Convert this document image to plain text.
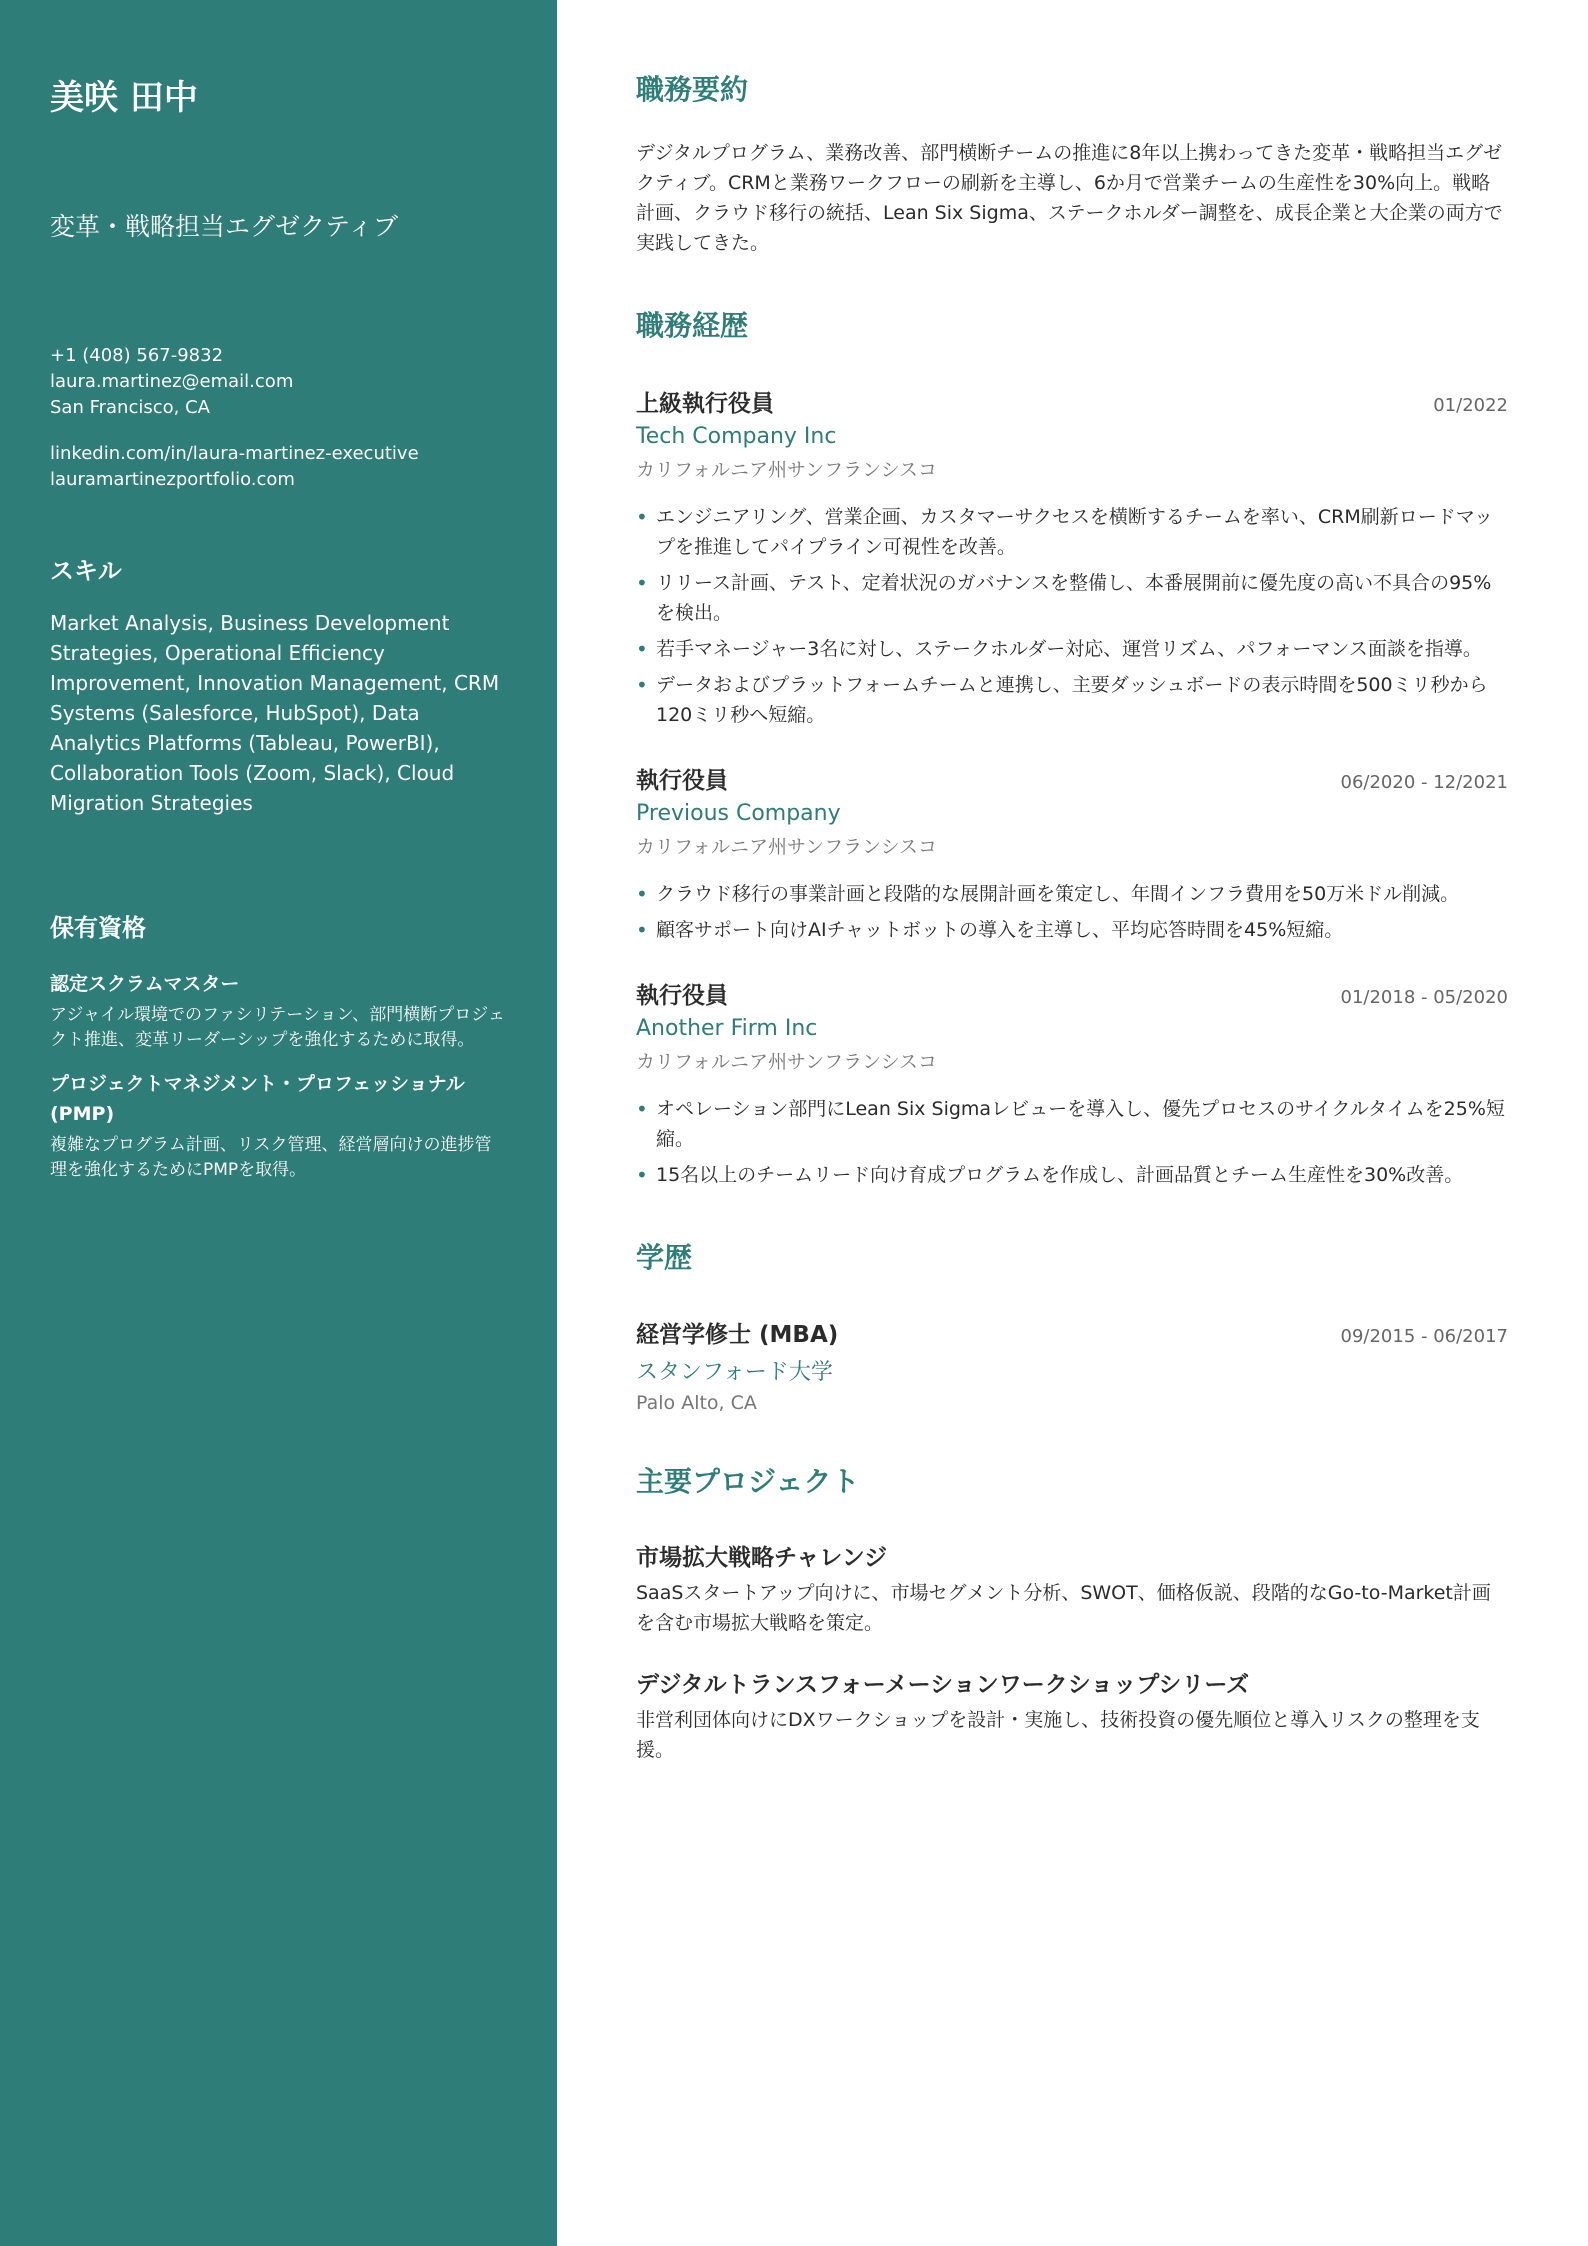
美咲 田中
変革・戦略担当エグゼクティブ
+1 (408) 567-9832
laura.martinez@email.com
San Francisco, CA
linkedin.com/in/laura-martinez-executive
lauramartinezportfolio.com
スキル
Market Analysis, Business Development Strategies, Operational Efficiency Improvement, Innovation Management, CRM Systems (Salesforce, HubSpot), Data Analytics Platforms (Tableau, PowerBI), Collaboration Tools (Zoom, Slack), Cloud Migration Strategies
保有資格
認定スクラムマスター
アジャイル環境でのファシリテーション、部門横断プロジェクト推進、変革リーダーシップを強化するために取得。
プロジェクトマネジメント・プロフェッショナル (PMP)
複雑なプログラム計画、リスク管理、経営層向けの進捗管理を強化するためにPMPを取得。
職務要約
デジタルプログラム、業務改善、部門横断チームの推進に8年以上携わってきた変革・戦略担当エグゼクティブ。CRMと業務ワークフローの刷新を主導し、6か月で営業チームの生産性を30%向上。戦略計画、クラウド移行の統括、Lean Six Sigma、ステークホルダー調整を、成長企業と大企業の両方で実践してきた。
職務経歴
上級執行役員	01/2022
Tech Company Inc
カリフォルニア州サンフランシスコ
• エンジニアリング、営業企画、カスタマーサクセスを横断するチームを率い、CRM刷新ロードマップを推進してパイプライン可視性を改善。
• リリース計画、テスト、定着状況のガバナンスを整備し、本番展開前に優先度の高い不具合の95%を検出。
• 若手マネージャー3名に対し、ステークホルダー対応、運営リズム、パフォーマンス面談を指導。
• データおよびプラットフォームチームと連携し、主要ダッシュボードの表示時間を500ミリ秒から120ミリ秒へ短縮。
執行役員	06/2020 - 12/2021
Previous Company
カリフォルニア州サンフランシスコ
• クラウド移行の事業計画と段階的な展開計画を策定し、年間インフラ費用を50万米ドル削減。
• 顧客サポート向けAIチャットボットの導入を主導し、平均応答時間を45%短縮。
執行役員	01/2018 - 05/2020
Another Firm Inc
カリフォルニア州サンフランシスコ
• オペレーション部門にLean Six Sigmaレビューを導入し、優先プロセスのサイクルタイムを25%短縮。
• 15名以上のチームリード向け育成プログラムを作成し、計画品質とチーム生産性を30%改善。
学歴
経営学修士 (MBA)	09/2015 - 06/2017
スタンフォード大学
Palo Alto, CA
主要プロジェクト
市場拡大戦略チャレンジ
SaaSスタートアップ向けに、市場セグメント分析、SWOT、価格仮説、段階的なGo-to-Market計画を含む市場拡大戦略を策定。
デジタルトランスフォーメーションワークショップシリーズ
非営利団体向けにDXワークショップを設計・実施し、技術投資の優先順位と導入リスクの整理を支援。
